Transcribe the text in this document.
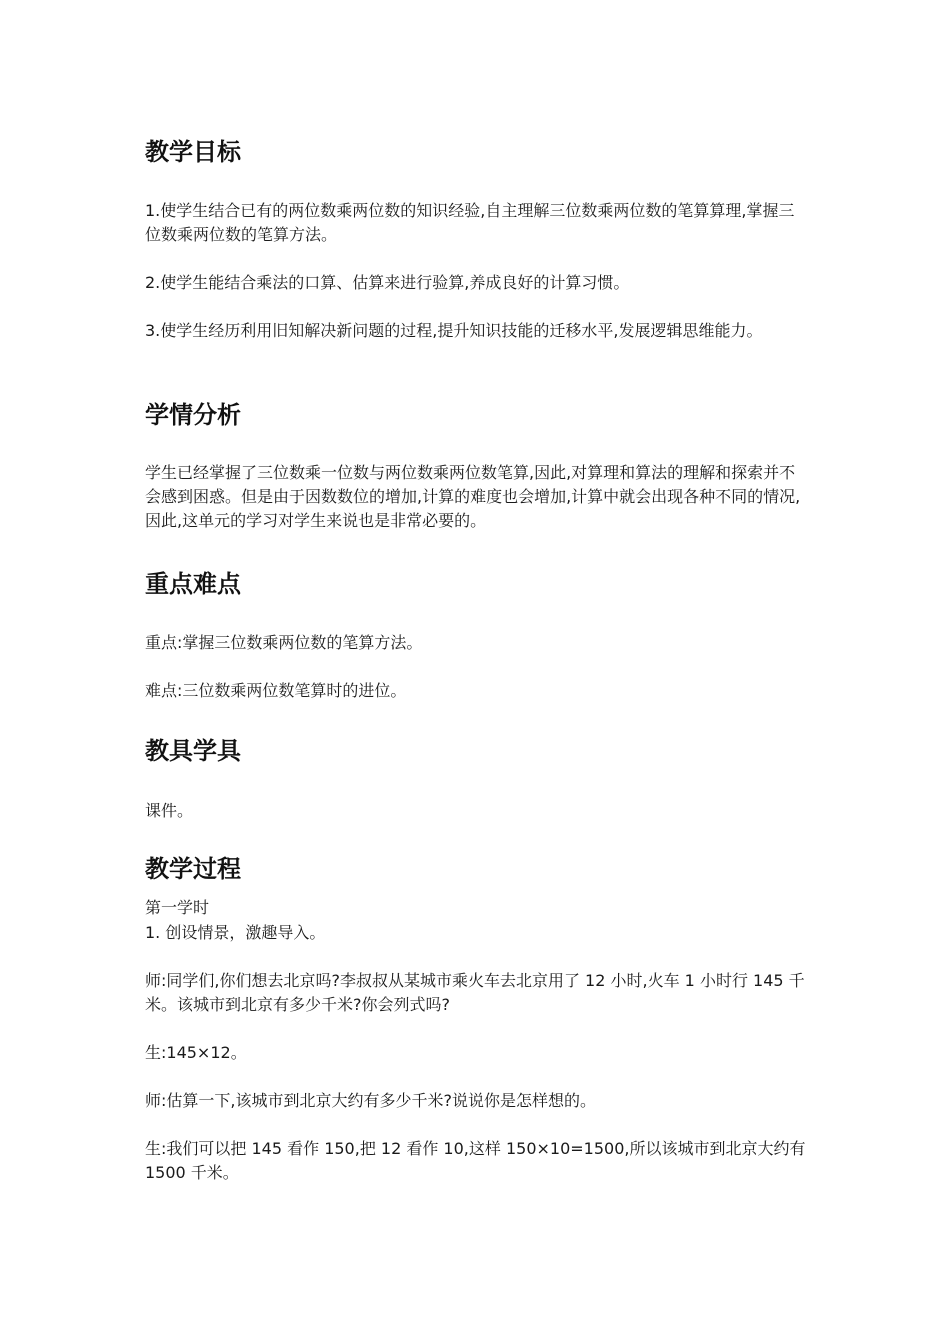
教学目标

1.使学生结合已有的两位数乘两位数的知识经验,自主理解三位数乘两位数的笔算算理,掌握三位数乘两位数的笔算方法。

2.使学生能结合乘法的口算、估算来进行验算,养成良好的计算习惯。

3.使学生经历利用旧知解决新问题的过程,提升知识技能的迁移水平,发展逻辑思维能力。

学情分析

学生已经掌握了三位数乘一位数与两位数乘两位数笔算,因此,对算理和算法的理解和探索并不会感到困惑。但是由于因数数位的增加,计算的难度也会增加,计算中就会出现各种不同的情况,因此,这单元的学习对学生来说也是非常必要的。

重点难点

重点:掌握三位数乘两位数的笔算方法。

难点:三位数乘两位数笔算时的进位。

教具学具

课件。

教学过程

第一学时

1. 创设情景，激趣导入。

师:同学们,你们想去北京吗?李叔叔从某城市乘火车去北京用了 12 小时,火车 1 小时行 145 千米。该城市到北京有多少千米?你会列式吗?

生:145×12。

师:估算一下,该城市到北京大约有多少千米?说说你是怎样想的。

生:我们可以把 145 看作 150,把 12 看作 10,这样 150×10=1500,所以该城市到北京大约有 1500 千米。
